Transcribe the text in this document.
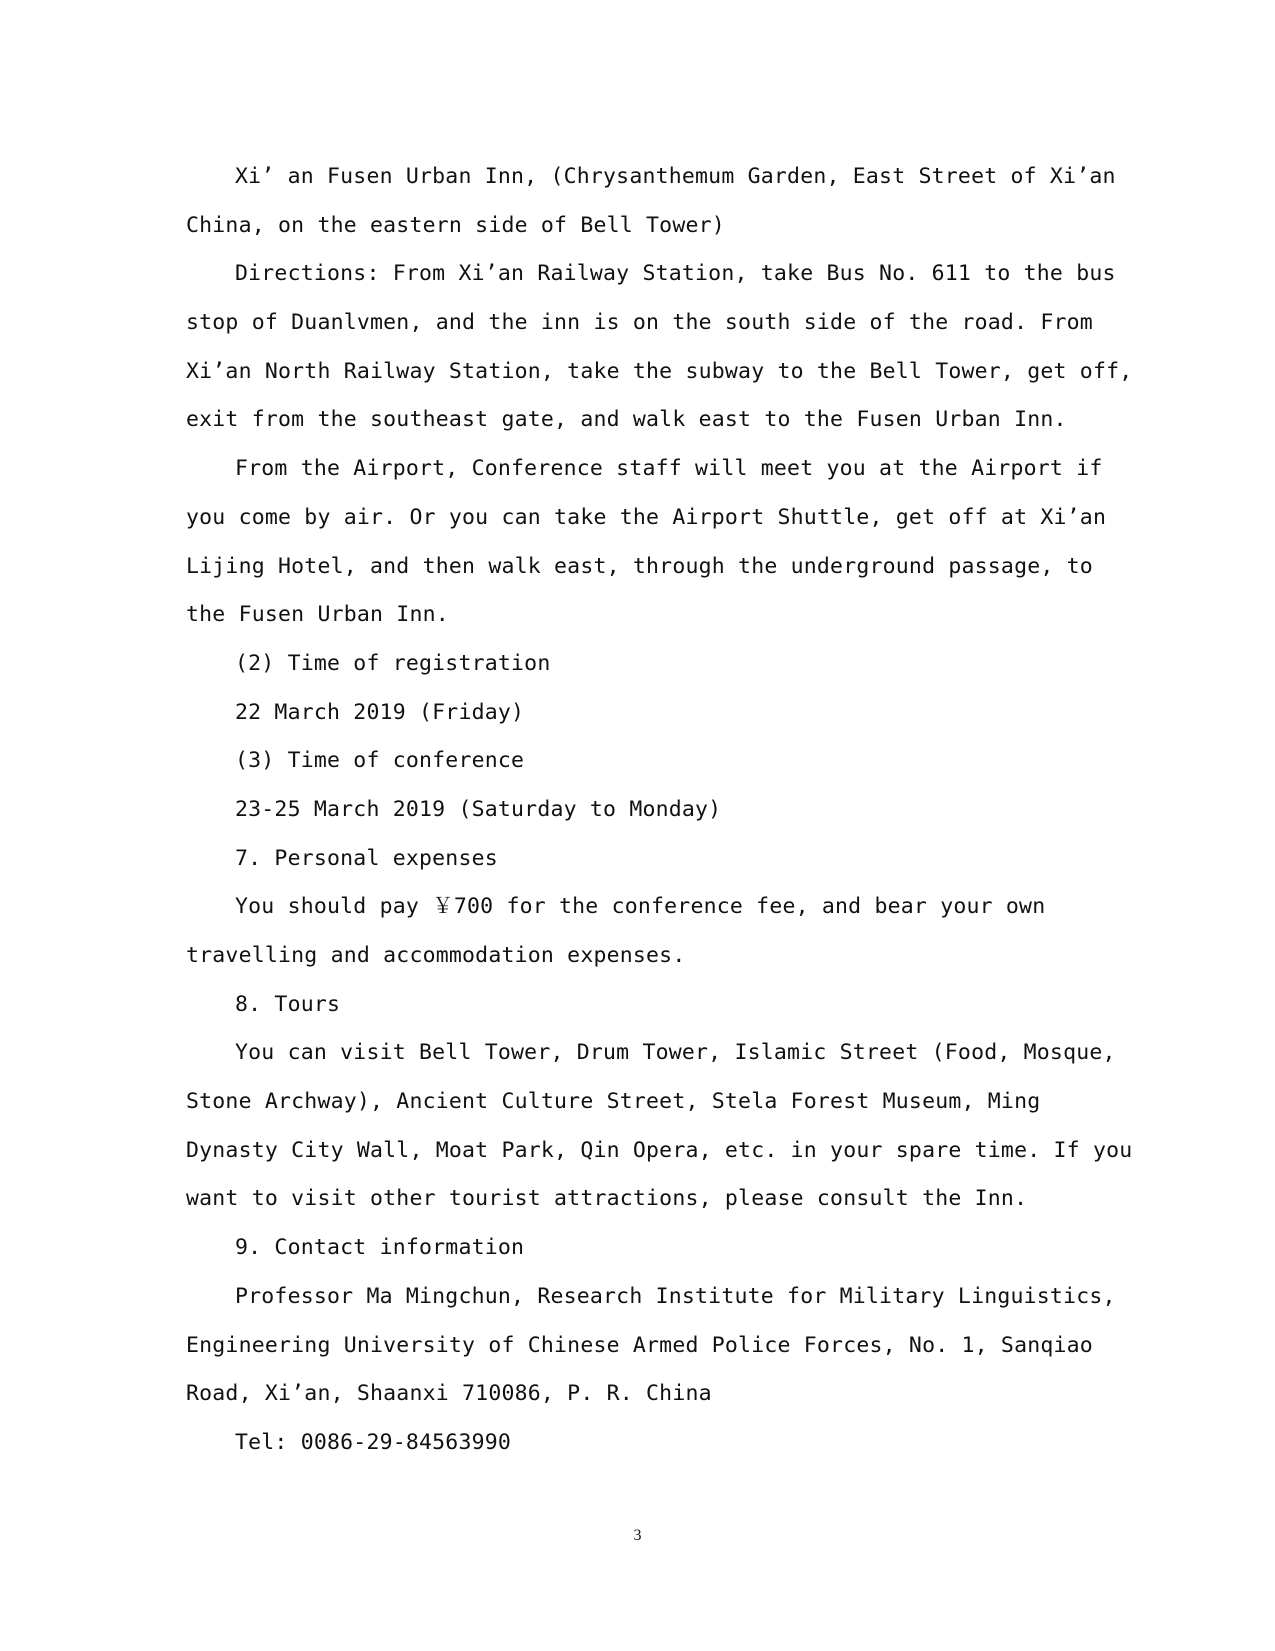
Xi’ an Fusen Urban Inn, (Chrysanthemum Garden, East Street of Xi’an
China, on the eastern side of Bell Tower)
Directions: From Xi’an Railway Station, take Bus No. 611 to the bus
stop of Duanlvmen, and the inn is on the south side of the road. From
Xi’an North Railway Station, take the subway to the Bell Tower, get off,
exit from the southeast gate, and walk east to the Fusen Urban Inn.
From the Airport, Conference staff will meet you at the Airport if
you come by air. Or you can take the Airport Shuttle, get off at Xi’an
Lijing Hotel, and then walk east, through the underground passage, to
the Fusen Urban Inn.
(2) Time of registration
22 March 2019 (Friday)
(3) Time of conference
23-25 March 2019 (Saturday to Monday)
7. Personal expenses
You should pay ￥700 for the conference fee, and bear your own
travelling and accommodation expenses.
8. Tours
You can visit Bell Tower, Drum Tower, Islamic Street (Food, Mosque,
Stone Archway), Ancient Culture Street, Stela Forest Museum, Ming
Dynasty City Wall, Moat Park, Qin Opera, etc. in your spare time. If you
want to visit other tourist attractions, please consult the Inn.
9. Contact information
Professor Ma Mingchun, Research Institute for Military Linguistics,
Engineering University of Chinese Armed Police Forces, No. 1, Sanqiao
Road, Xi’an, Shaanxi 710086, P. R. China
Tel: 0086-29-84563990
3
